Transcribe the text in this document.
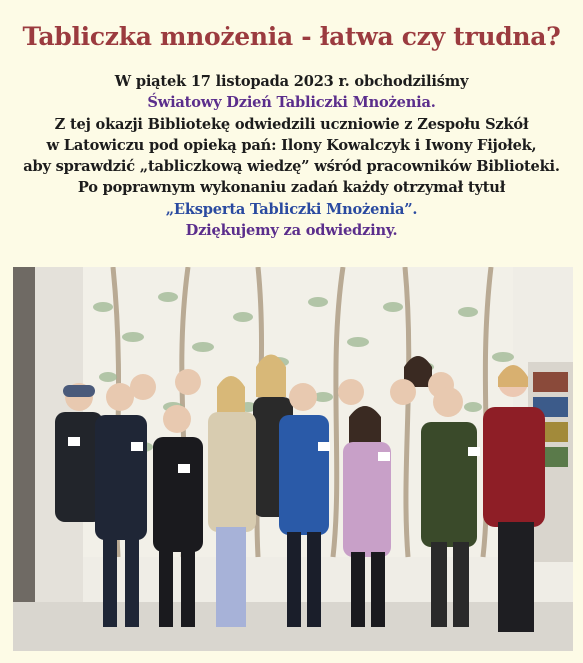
Tabliczka mnożenia - łatwa czy trudna?
W piątek 17 listopada 2023 r. obchodziliśmy
Światowy Dzień Tabliczki Mnożenia.
Z tej okazji Bibliotekę odwiedzili uczniowie z Zespołu Szkół
w Latowiczu pod opieką pań: Ilony Kowalczyk i Iwony Fijołek,
aby sprawdzić „tabliczkową wiedzę” wśród pracowników Biblioteki.
Po poprawnym wykonaniu zadań każdy otrzymał tytuł
„Eksperta Tabliczki Mnożenia”.
Dziękujemy za odwiedziny.
